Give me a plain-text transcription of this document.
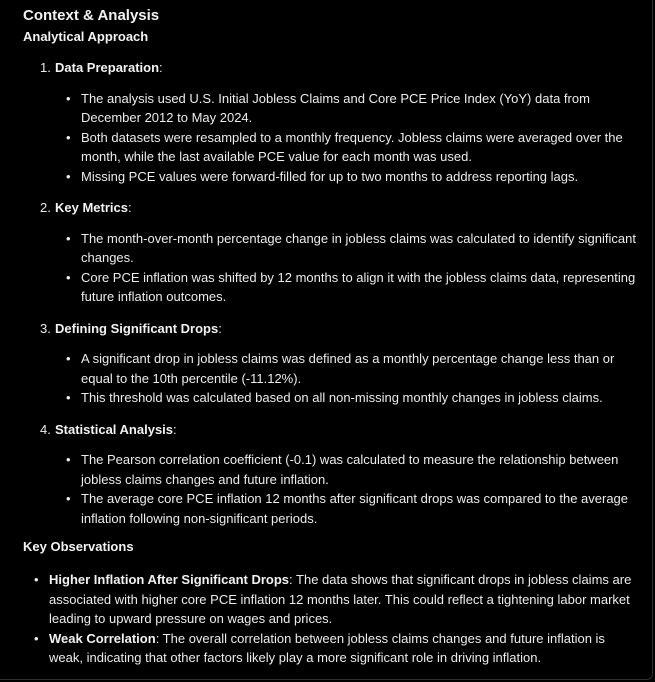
Context & Analysis
Analytical Approach
1. Data Preparation:
• The analysis used U.S. Initial Jobless Claims and Core PCE Price Index (YoY) data from December 2012 to May 2024.
• Both datasets were resampled to a monthly frequency. Jobless claims were averaged over the month, while the last available PCE value for each month was used.
• Missing PCE values were forward-filled for up to two months to address reporting lags.
2. Key Metrics:
• The month-over-month percentage change in jobless claims was calculated to identify significant changes.
• Core PCE inflation was shifted by 12 months to align it with the jobless claims data, representing future inflation outcomes.
3. Defining Significant Drops:
• A significant drop in jobless claims was defined as a monthly percentage change less than or equal to the 10th percentile (-11.12%).
• This threshold was calculated based on all non-missing monthly changes in jobless claims.
4. Statistical Analysis:
• The Pearson correlation coefficient (-0.1) was calculated to measure the relationship between jobless claims changes and future inflation.
• The average core PCE inflation 12 months after significant drops was compared to the average inflation following non-significant periods.
Key Observations
• Higher Inflation After Significant Drops: The data shows that significant drops in jobless claims are associated with higher core PCE inflation 12 months later. This could reflect a tightening labor market leading to upward pressure on wages and prices.
• Weak Correlation: The overall correlation between jobless claims changes and future inflation is weak, indicating that other factors likely play a more significant role in driving inflation.
